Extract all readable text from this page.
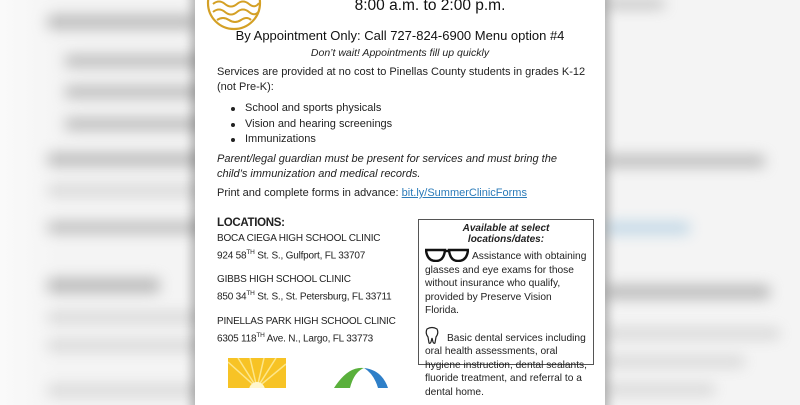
8:00 a.m. to 2:00 p.m.
By Appointment Only: Call 727-824-6900 Menu option #4
Don’t wait! Appointments fill up quickly
Services are provided at no cost to Pinellas County students in grades K-12 (not Pre-K):
School and sports physicals
Vision and hearing screenings
Immunizations
Parent/legal guardian must be present for services and must bring the child’s immunization and medical records.
Print and complete forms in advance: bit.ly/SummerClinicForms
LOCATIONS:
BOCA CIEGA HIGH SCHOOL CLINIC
924 58TH St. S., Gulfport, FL 33707
GIBBS HIGH SCHOOL CLINIC
850 34TH St. S., St. Petersburg, FL 33711
PINELLAS PARK HIGH SCHOOL CLINIC
6305 118TH Ave. N., Largo, FL 33773
Available at select locations/dates:
Assistance with obtaining glasses and eye exams for those without insurance who qualify, provided by Preserve Vision Florida.
Basic dental services including oral health assessments, oral hygiene instruction, dental sealants, fluoride treatment, and referral to a dental home.
